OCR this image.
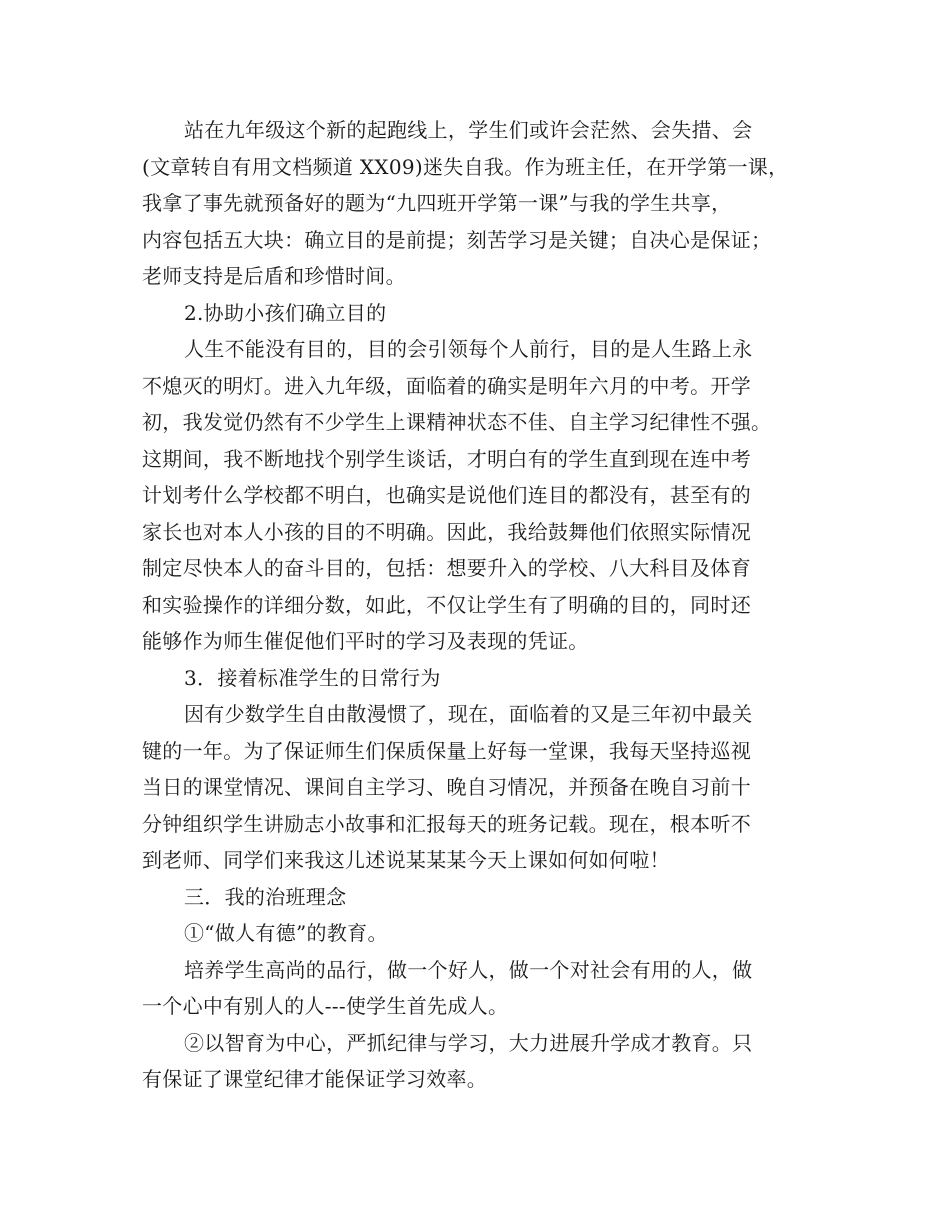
站在九年级这个新的起跑线上，学生们或许会茫然、会失措、会
(文章转自有用文档频道 XX09)迷失自我。作为班主任，在开学第一课，
我拿了事先就预备好的题为“九四班开学第一课”与我的学生共享，
内容包括五大块：确立目的是前提；刻苦学习是关键；自决心是保证；
老师支持是后盾和珍惜时间。
2.协助小孩们确立目的
人生不能没有目的，目的会引领每个人前行，目的是人生路上永
不熄灭的明灯。进入九年级，面临着的确实是明年六月的中考。开学
初，我发觉仍然有不少学生上课精神状态不佳、自主学习纪律性不强。
这期间，我不断地找个别学生谈话，才明白有的学生直到现在连中考
计划考什么学校都不明白，也确实是说他们连目的都没有，甚至有的
家长也对本人小孩的目的不明确。因此，我给鼓舞他们依照实际情况
制定尽快本人的奋斗目的，包括：想要升入的学校、八大科目及体育
和实验操作的详细分数，如此，不仅让学生有了明确的目的，同时还
能够作为师生催促他们平时的学习及表现的凭证。
3．接着标准学生的日常行为
因有少数学生自由散漫惯了，现在，面临着的又是三年初中最关
键的一年。为了保证师生们保质保量上好每一堂课，我每天坚持巡视
当日的课堂情况、课间自主学习、晚自习情况，并预备在晚自习前十
分钟组织学生讲励志小故事和汇报每天的班务记载。现在，根本听不
到老师、同学们来我这儿述说某某某今天上课如何如何啦！
三．我的治班理念
①“做人有德”的教育。
培养学生高尚的品行，做一个好人，做一个对社会有用的人，做
一个心中有别人的人---使学生首先成人。
②以智育为中心，严抓纪律与学习，大力进展升学成才教育。只
有保证了课堂纪律才能保证学习效率。
